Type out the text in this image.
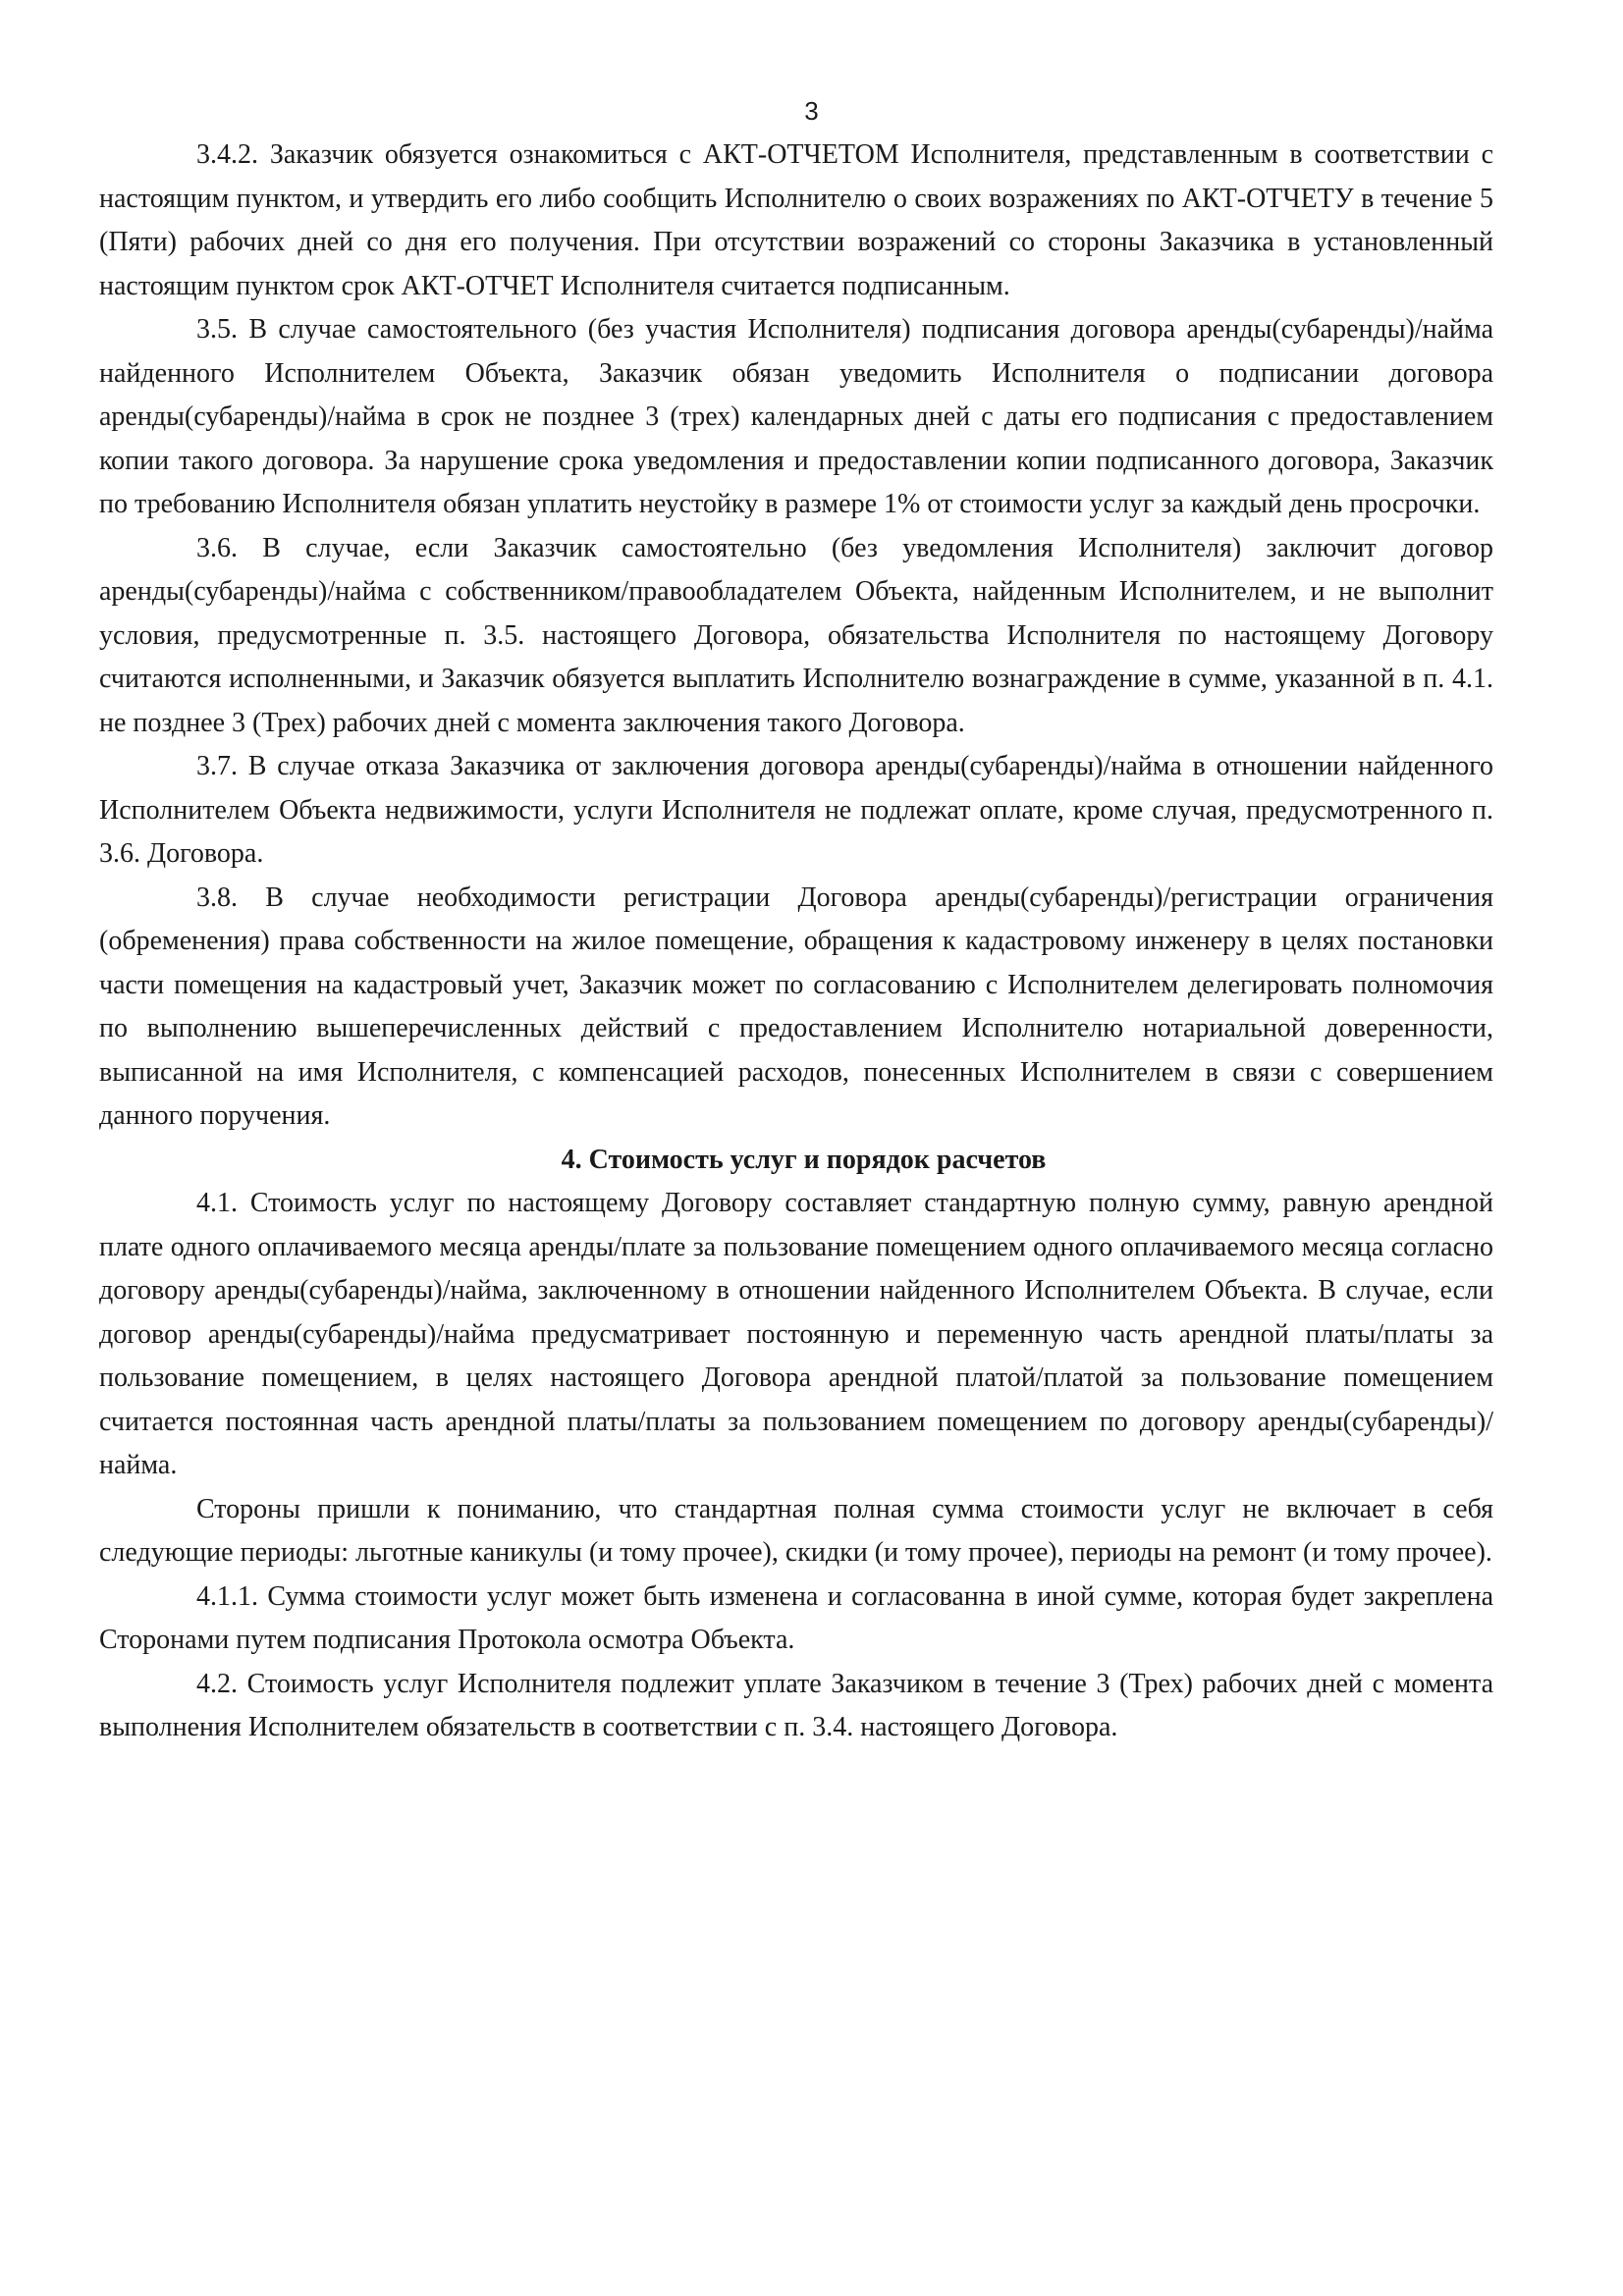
3

3.4.2. Заказчик обязуется ознакомиться с АКТ-ОТЧЕТОМ Исполнителя, представленным в соответствии с настоящим пунктом, и утвердить его либо сообщить Исполнителю о своих возражениях по АКТ-ОТЧЕТУ в течение 5 (Пяти) рабочих дней со дня его получения. При отсутствии возражений со стороны Заказчика в установленный настоящим пунктом срок АКТ-ОТЧЕТ Исполнителя считается подписанным.

3.5. В случае самостоятельного (без участия Исполнителя) подписания договора аренды(субаренды)/найма найденного Исполнителем Объекта, Заказчик обязан уведомить Исполнителя о подписании договора аренды(субаренды)/найма в срок не позднее 3 (трех) календарных дней с даты его подписания с предоставлением копии такого договора. За нарушение срока уведомления и предоставлении копии подписанного договора, Заказчик по требованию Исполнителя обязан уплатить неустойку в размере 1% от стоимости услуг за каждый день просрочки.

3.6. В случае, если Заказчик самостоятельно (без уведомления Исполнителя) заключит договор аренды(субаренды)/найма с собственником/правообладателем Объекта, найденным Исполнителем, и не выполнит условия, предусмотренные п. 3.5. настоящего Договора, обязательства Исполнителя по настоящему Договору считаются исполненными, и Заказчик обязуется выплатить Исполнителю вознаграждение в сумме, указанной в п. 4.1. не позднее 3 (Трех) рабочих дней с момента заключения такого Договора.

3.7. В случае отказа Заказчика от заключения договора аренды(субаренды)/найма в отношении найденного Исполнителем Объекта недвижимости, услуги Исполнителя не подлежат оплате, кроме случая, предусмотренного п. 3.6. Договора.

3.8. В случае необходимости регистрации Договора аренды(субаренды)/регистрации ограничения (обременения) права собственности на жилое помещение, обращения к кадастровому инженеру в целях постановки части помещения на кадастровый учет, Заказчик может по согласованию с Исполнителем делегировать полномочия по выполнению вышеперечисленных действий с предоставлением Исполнителю нотариальной доверенности, выписанной на имя Исполнителя, с компенсацией расходов, понесенных Исполнителем в связи с совершением данного поручения.

4. Стоимость услуг и порядок расчетов

4.1. Стоимость услуг по настоящему Договору составляет стандартную полную сумму, равную арендной плате одного оплачиваемого месяца аренды/плате за пользование помещением одного оплачиваемого месяца согласно договору аренды(субаренды)/найма, заключенному в отношении найденного Исполнителем Объекта. В случае, если договор аренды(субаренды)/найма предусматривает постоянную и переменную часть арендной платы/платы за пользование помещением, в целях настоящего Договора арендной платой/платой за пользование помещением считается постоянная часть арендной платы/платы за пользованием помещением по договору аренды(субаренды)/найма.

Стороны пришли к пониманию, что стандартная полная сумма стоимости услуг не включает в себя следующие периоды: льготные каникулы (и тому прочее), скидки (и тому прочее), периоды на ремонт (и тому прочее).

4.1.1. Сумма стоимости услуг может быть изменена и согласованна в иной сумме, которая будет закреплена Сторонами путем подписания Протокола осмотра Объекта.

4.2. Стоимость услуг Исполнителя подлежит уплате Заказчиком в течение 3 (Трех) рабочих дней с момента выполнения Исполнителем обязательств в соответствии с п. 3.4. настоящего Договора.
